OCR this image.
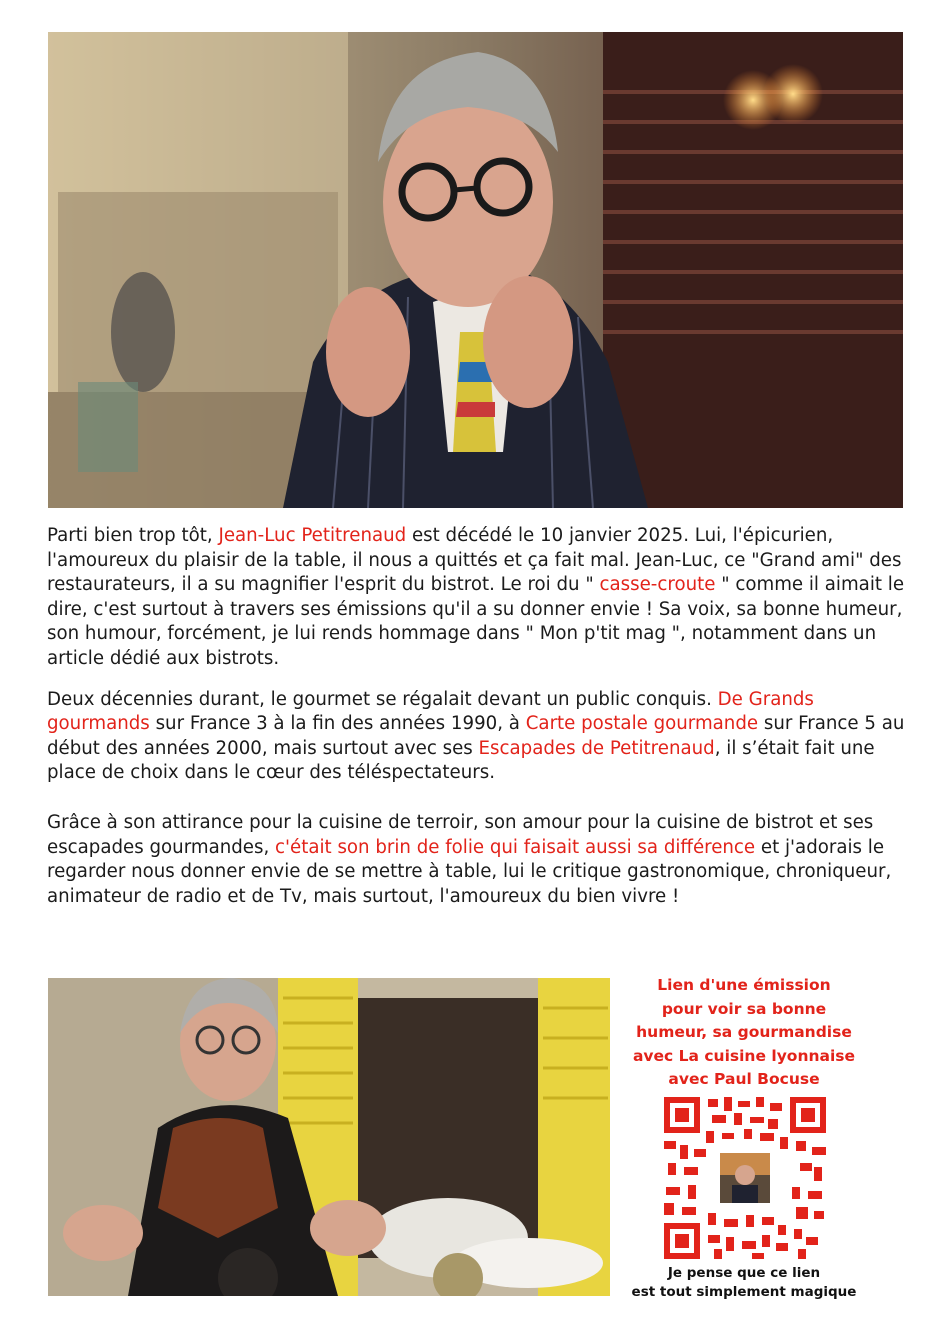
Parti bien trop tôt, Jean-Luc Petitrenaud est décédé le 10 janvier 2025. Lui, l'épicurien, l'amoureux du plaisir de la table, il nous a quittés et ça fait mal. Jean-Luc, ce "Grand ami" des restaurateurs, il a su magnifier l'esprit du bistrot. Le roi du " casse-croute " comme il aimait le dire, c'est surtout à travers ses émissions qu'il a su donner envie ! Sa voix, sa bonne humeur, son humour, forcément, je lui rends hommage dans " Mon p'tit mag ", notamment dans un article dédié aux bistrots.

Deux décennies durant, le gourmet se régalait devant un public conquis. De Grands gourmands sur France 3 à la fin des années 1990, à Carte postale gourmande sur France 5 au début des années 2000, mais surtout avec ses Escapades de Petitrenaud, il s’était fait une place de choix dans le cœur des téléspectateurs.

Grâce à son attirance pour la cuisine de terroir, son amour pour la cuisine de bistrot et ses escapades gourmandes, c'était son brin de folie qui faisait aussi sa différence et j'adorais le regarder nous donner envie de se mettre à table, lui le critique gastronomique, chroniqueur, animateur de radio et de Tv, mais surtout, l'amoureux du bien vivre !

Lien d'une émission
pour voir sa bonne
humeur, sa gourmandise
avec La cuisine lyonnaise
avec Paul Bocuse
Je pense que ce lien
est tout simplement magique
